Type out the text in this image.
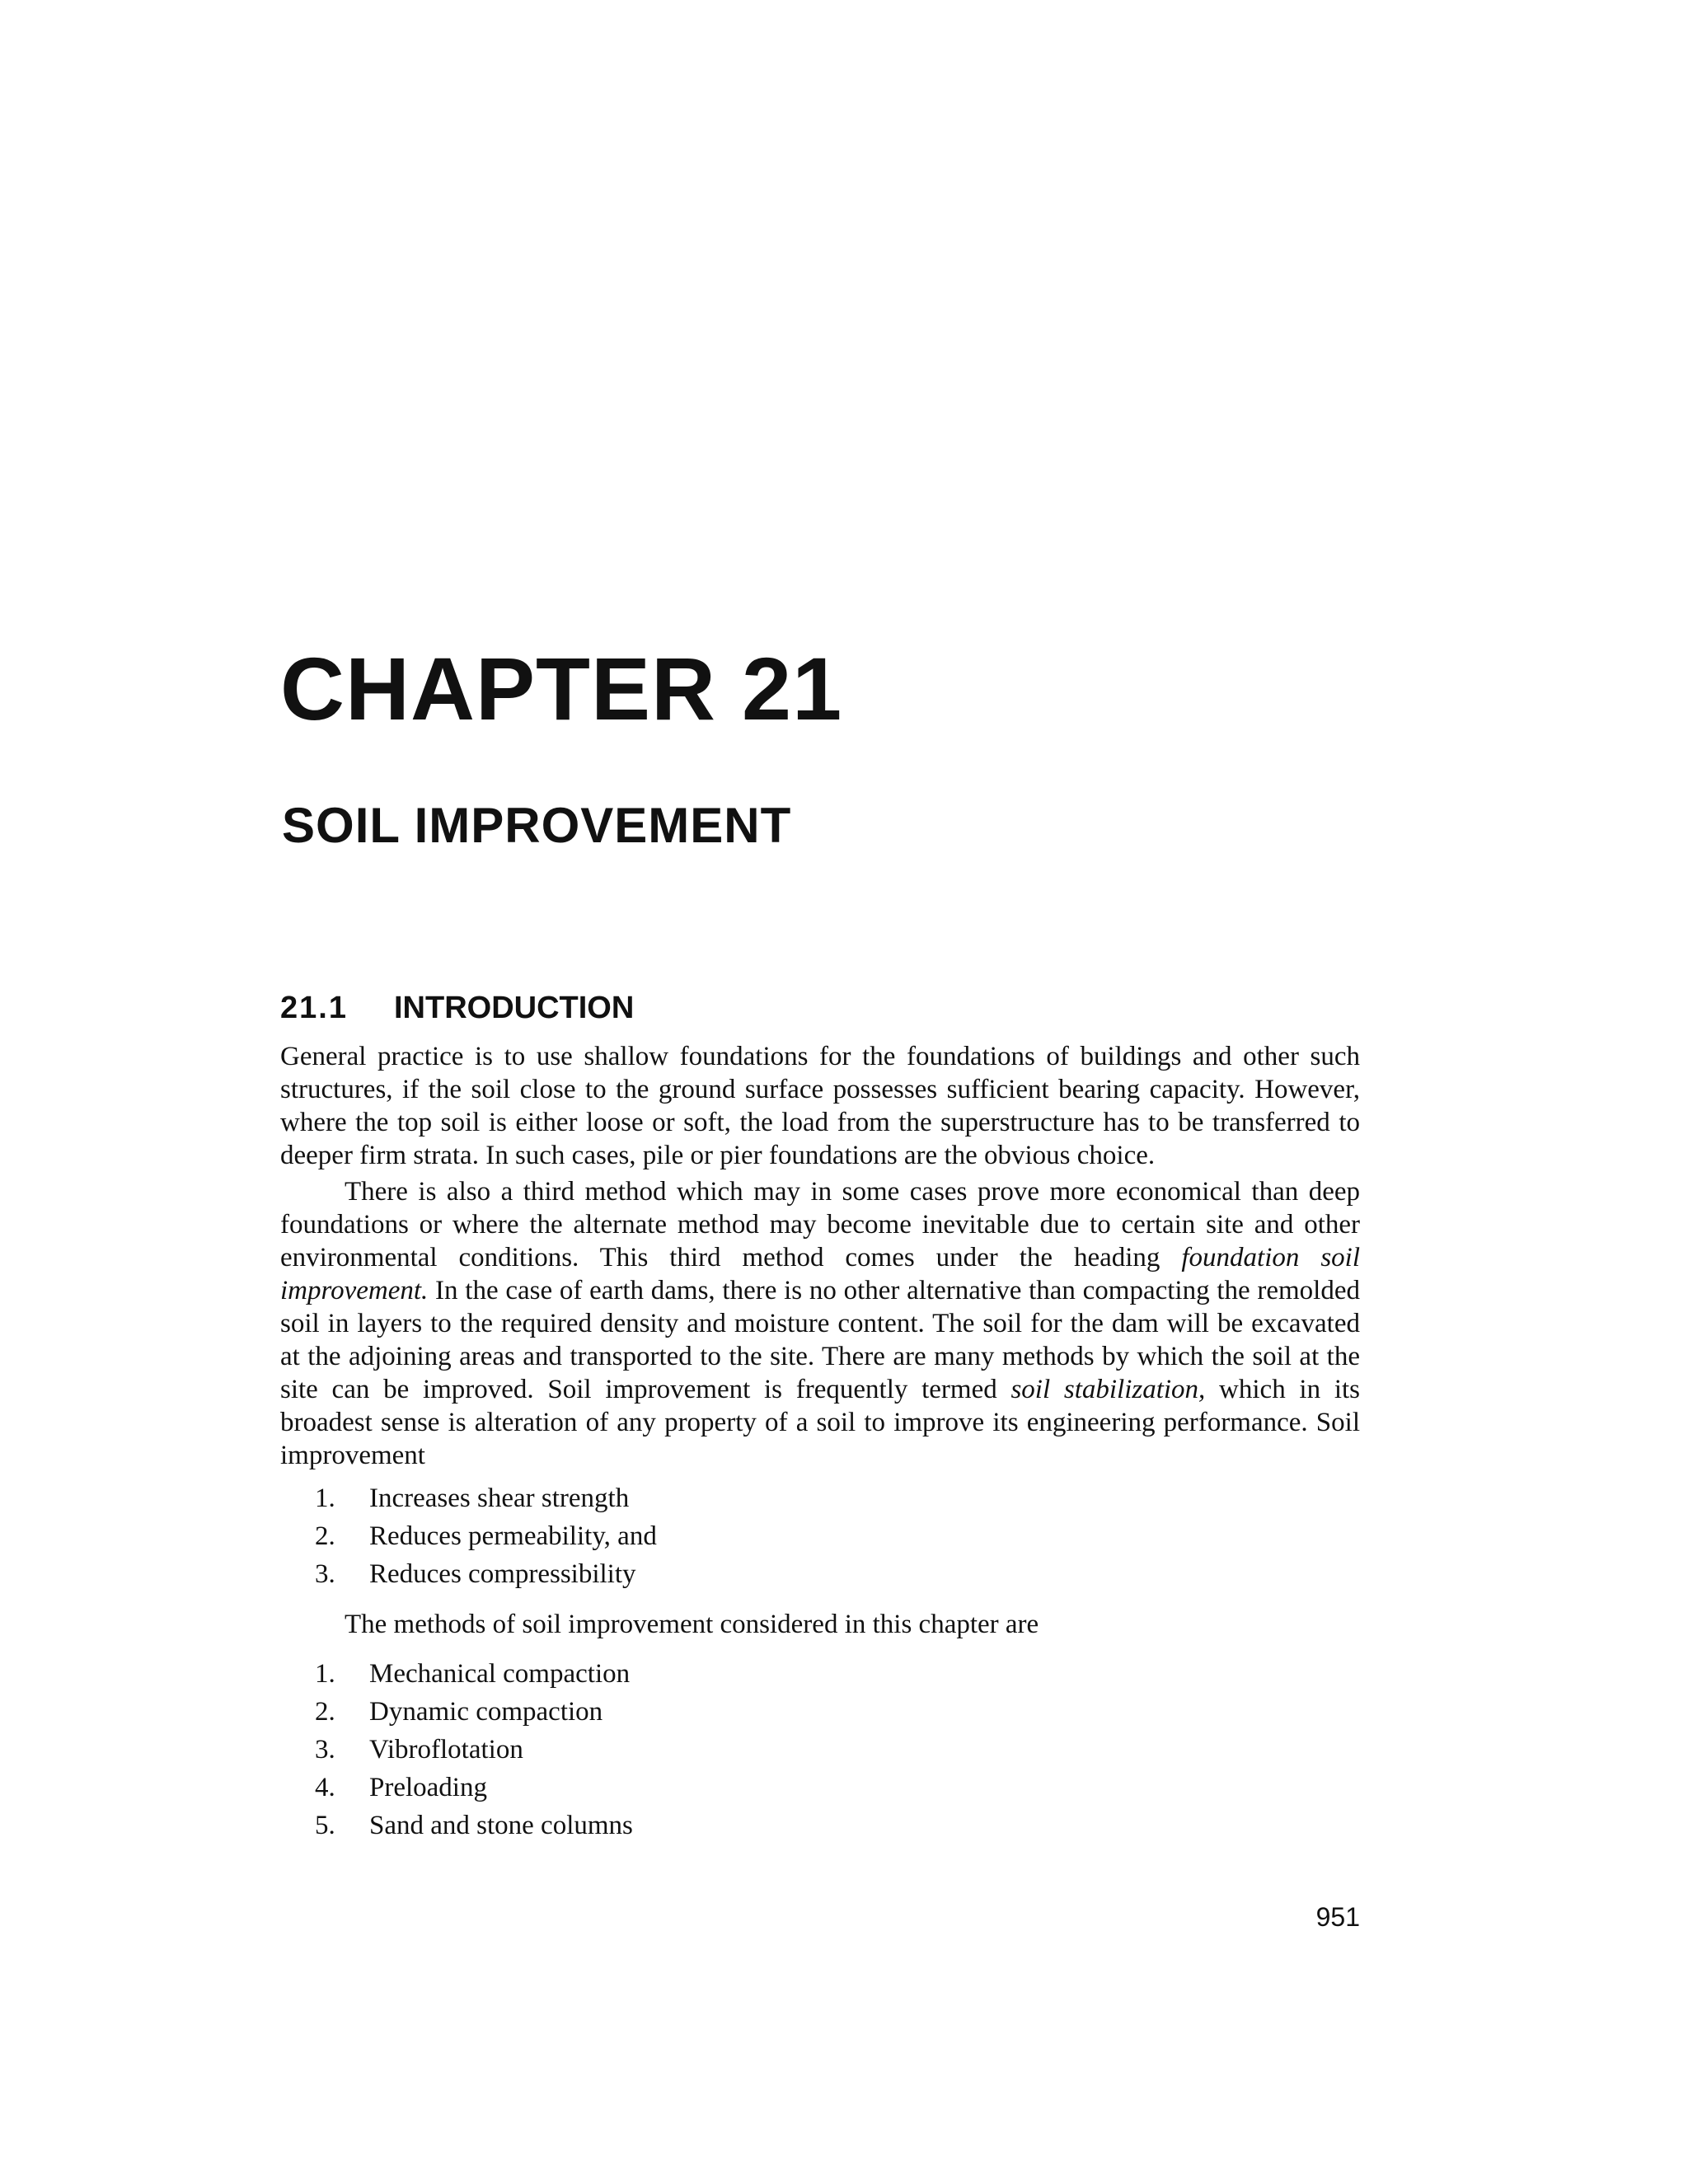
CHAPTER 21
SOIL IMPROVEMENT
21.1 INTRODUCTION

General practice is to use shallow foundations for the foundations of buildings and other such structures, if the soil close to the ground surface possesses sufficient bearing capacity. However, where the top soil is either loose or soft, the load from the superstructure has to be transferred to deeper firm strata. In such cases, pile or pier foundations are the obvious choice.

There is also a third method which may in some cases prove more economical than deep foundations or where the alternate method may become inevitable due to certain site and other environmental conditions. This third method comes under the heading foundation soil improvement. In the case of earth dams, there is no other alternative than compacting the remolded soil in layers to the required density and moisture content. The soil for the dam will be excavated at the adjoining areas and transported to the site. There are many methods by which the soil at the site can be improved. Soil improvement is frequently termed soil stabilization, which in its broadest sense is alteration of any property of a soil to improve its engineering performance. Soil improvement

1. Increases shear strength
2. Reduces permeability, and
3. Reduces compressibility

The methods of soil improvement considered in this chapter are

1. Mechanical compaction
2. Dynamic compaction
3. Vibroflotation
4. Preloading
5. Sand and stone columns

951
